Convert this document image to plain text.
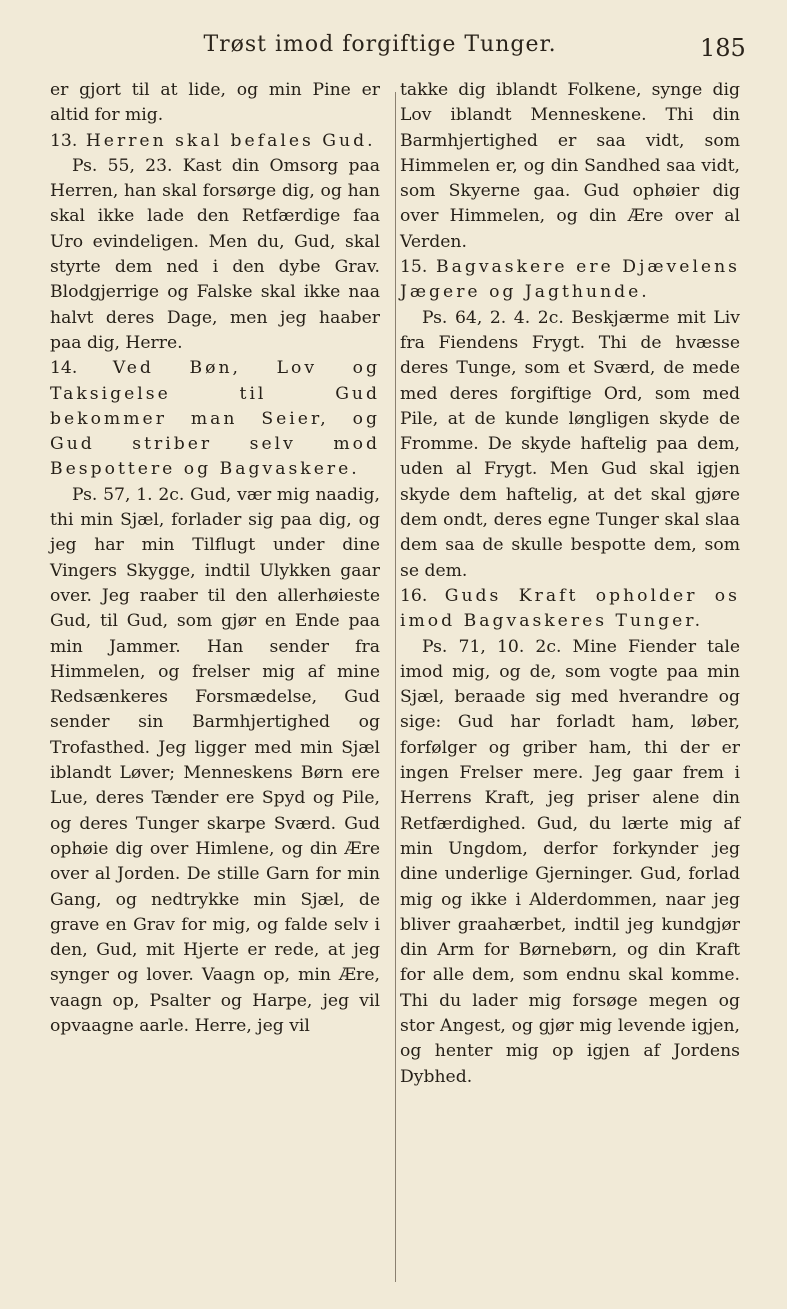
Trøst imod forgiftige Tunger.	185

er gjort til at lide, og min Pine er altid for mig.

13. Herren skal befales Gud.

Ps. 55, 23. Kast din Omsorg paa Herren, han skal forsørge dig, og han skal ikke lade den Retfærdige faa Uro evindeligen. Men du, Gud, skal styrte dem ned i den dybe Grav. Blodgjerrige og Falske skal ikke naa halvt deres Dage, men jeg haaber paa dig, Herre.

14. Ved Bøn, Lov og Taksigelse til Gud bekommer man Seier, og Gud striber selv mod Bespottere og Bagvaskere.

Ps. 57, 1. 2c. Gud, vær mig naadig, thi min Sjæl, forlader sig paa dig, og jeg har min Tilflugt under dine Vingers Skygge, indtil Ulykken gaar over. Jeg raaber til den allerhøieste Gud, til Gud, som gjør en Ende paa min Jammer. Han sender fra Himmelen, og frelser mig af mine Redsænkeres Forsmædelse, Gud sender sin Barmhjertighed og Trofasthed. Jeg ligger med min Sjæl iblandt Løver; Menneskens Børn ere Lue, deres Tænder ere Spyd og Pile, og deres Tunger skarpe Sværd. Gud ophøie dig over Himlene, og din Ære over al Jorden. De stille Garn for min Gang, og nedtrykke min Sjæl, de grave en Grav for mig, og falde selv i den, Gud, mit Hjerte er rede, at jeg synger og lover. Vaagn op, min Ære, vaagn op, Psalter og Harpe, jeg vil opvaagne aarle. Herre, jeg vil

takke dig iblandt Folkene, synge dig Lov iblandt Menneskene. Thi din Barmhjertighed er saa vidt, som Himmelen er, og din Sandhed saa vidt, som Skyerne gaa. Gud ophøier dig over Himmelen, og din Ære over al Verden.

15. Bagvaskere ere Djævelens Jægere og Jagthunde.

Ps. 64, 2. 4. 2c. Beskjærme mit Liv fra Fiendens Frygt. Thi de hvæsse deres Tunge, som et Sværd, de mede med deres forgiftige Ord, som med Pile, at de kunde løngligen skyde de Fromme. De skyde haftelig paa dem, uden al Frygt. Men Gud skal igjen skyde dem haftelig, at det skal gjøre dem ondt, deres egne Tunger skal slaa dem saa de skulle bespotte dem, som se dem.

16. Guds Kraft opholder os imod Bagvaskeres Tunger.

Ps. 71, 10. 2c. Mine Fiender tale imod mig, og de, som vogte paa min Sjæl, beraade sig med hverandre og sige: Gud har forladt ham, løber, forfølger og griber ham, thi der er ingen Frelser mere. Jeg gaar frem i Herrens Kraft, jeg priser alene din Retfærdighed. Gud, du lærte mig af min Ungdom, derfor forkynder jeg dine underlige Gjerninger. Gud, forlad mig og ikke i Alderdommen, naar jeg bliver graahærbet, indtil jeg kundgjør din Arm for Børnebørn, og din Kraft for alle dem, som endnu skal komme. Thi du lader mig forsøge megen og stor Angest, og gjør mig levende igjen, og henter mig op igjen af Jordens Dybhed.
